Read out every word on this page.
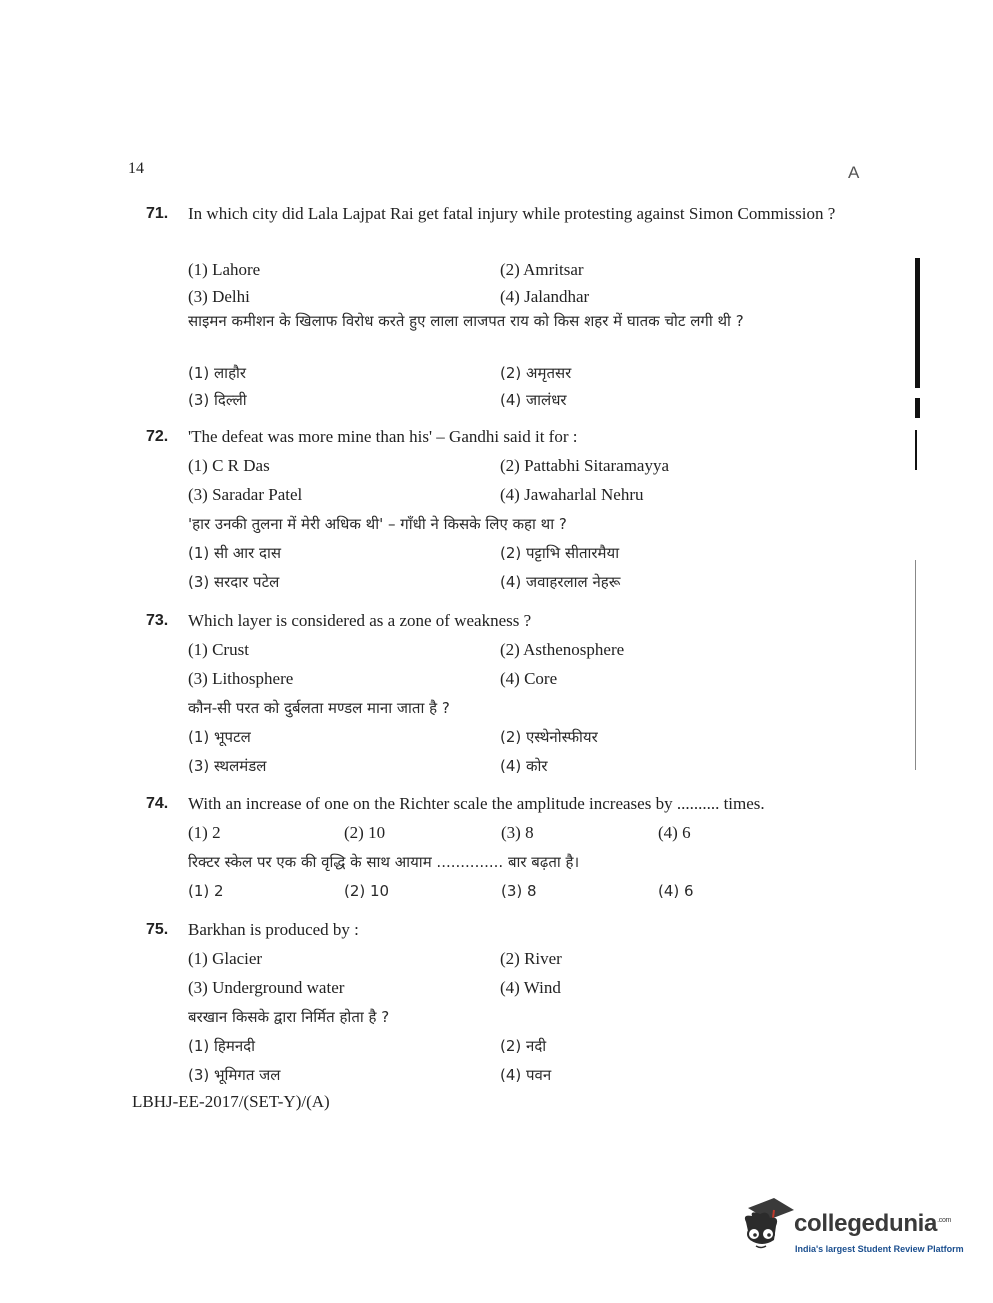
14	A
71.	In which city did Lala Lajpat Rai get fatal injury while protesting against Simon Commission ?
(1) Lahore	(2) Amritsar
(3) Delhi	(4) Jalandhar
साइमन कमीशन के खिलाफ विरोध करते हुए लाला लाजपत राय को किस शहर में घातक चोट लगी थी ?
(1) लाहौर	(2) अमृतसर
(3) दिल्ली	(4) जालंधर
72. 'The defeat was more mine than his' – Gandhi said it for :
(1) C R Das	(2) Pattabhi Sitaramayya
(3) Saradar Patel	(4) Jawaharlal Nehru
'हार उनकी तुलना में मेरी अधिक थी' – गाँधी ने किसके लिए कहा था ?
(1) सी आर दास	(2) पट्टाभि सीतारमैया
(3) सरदार पटेल	(4) जवाहरलाल नेहरू
73. Which layer is considered as a zone of weakness ?
(1) Crust	(2) Asthenosphere
(3) Lithosphere	(4) Core
कौन-सी परत को दुर्बलता मण्डल माना जाता है ?
(1) भूपटल	(2) एस्थेनोस्फीयर
(3) स्थलमंडल	(4) कोर
74. With an increase of one on the Richter scale the amplitude increases by .......... times.
(1) 2	(2) 10	(3) 8	(4) 6
रिक्टर स्केल पर एक की वृद्धि के साथ आयाम .............. बार बढ़ता है।
(1) 2	(2) 10	(3) 8	(4) 6
75. Barkhan is produced by :
(1) Glacier	(2) River
(3) Underground water	(4) Wind
बरखान किसके द्वारा निर्मित होता है ?
(1) हिमनदी	(2) नदी
(3) भूमिगत जल	(4) पवन
LBHJ-EE-2017/(SET-Y)/(A)
collegedunia$^{.com}$
India's largest Student Review Platform
